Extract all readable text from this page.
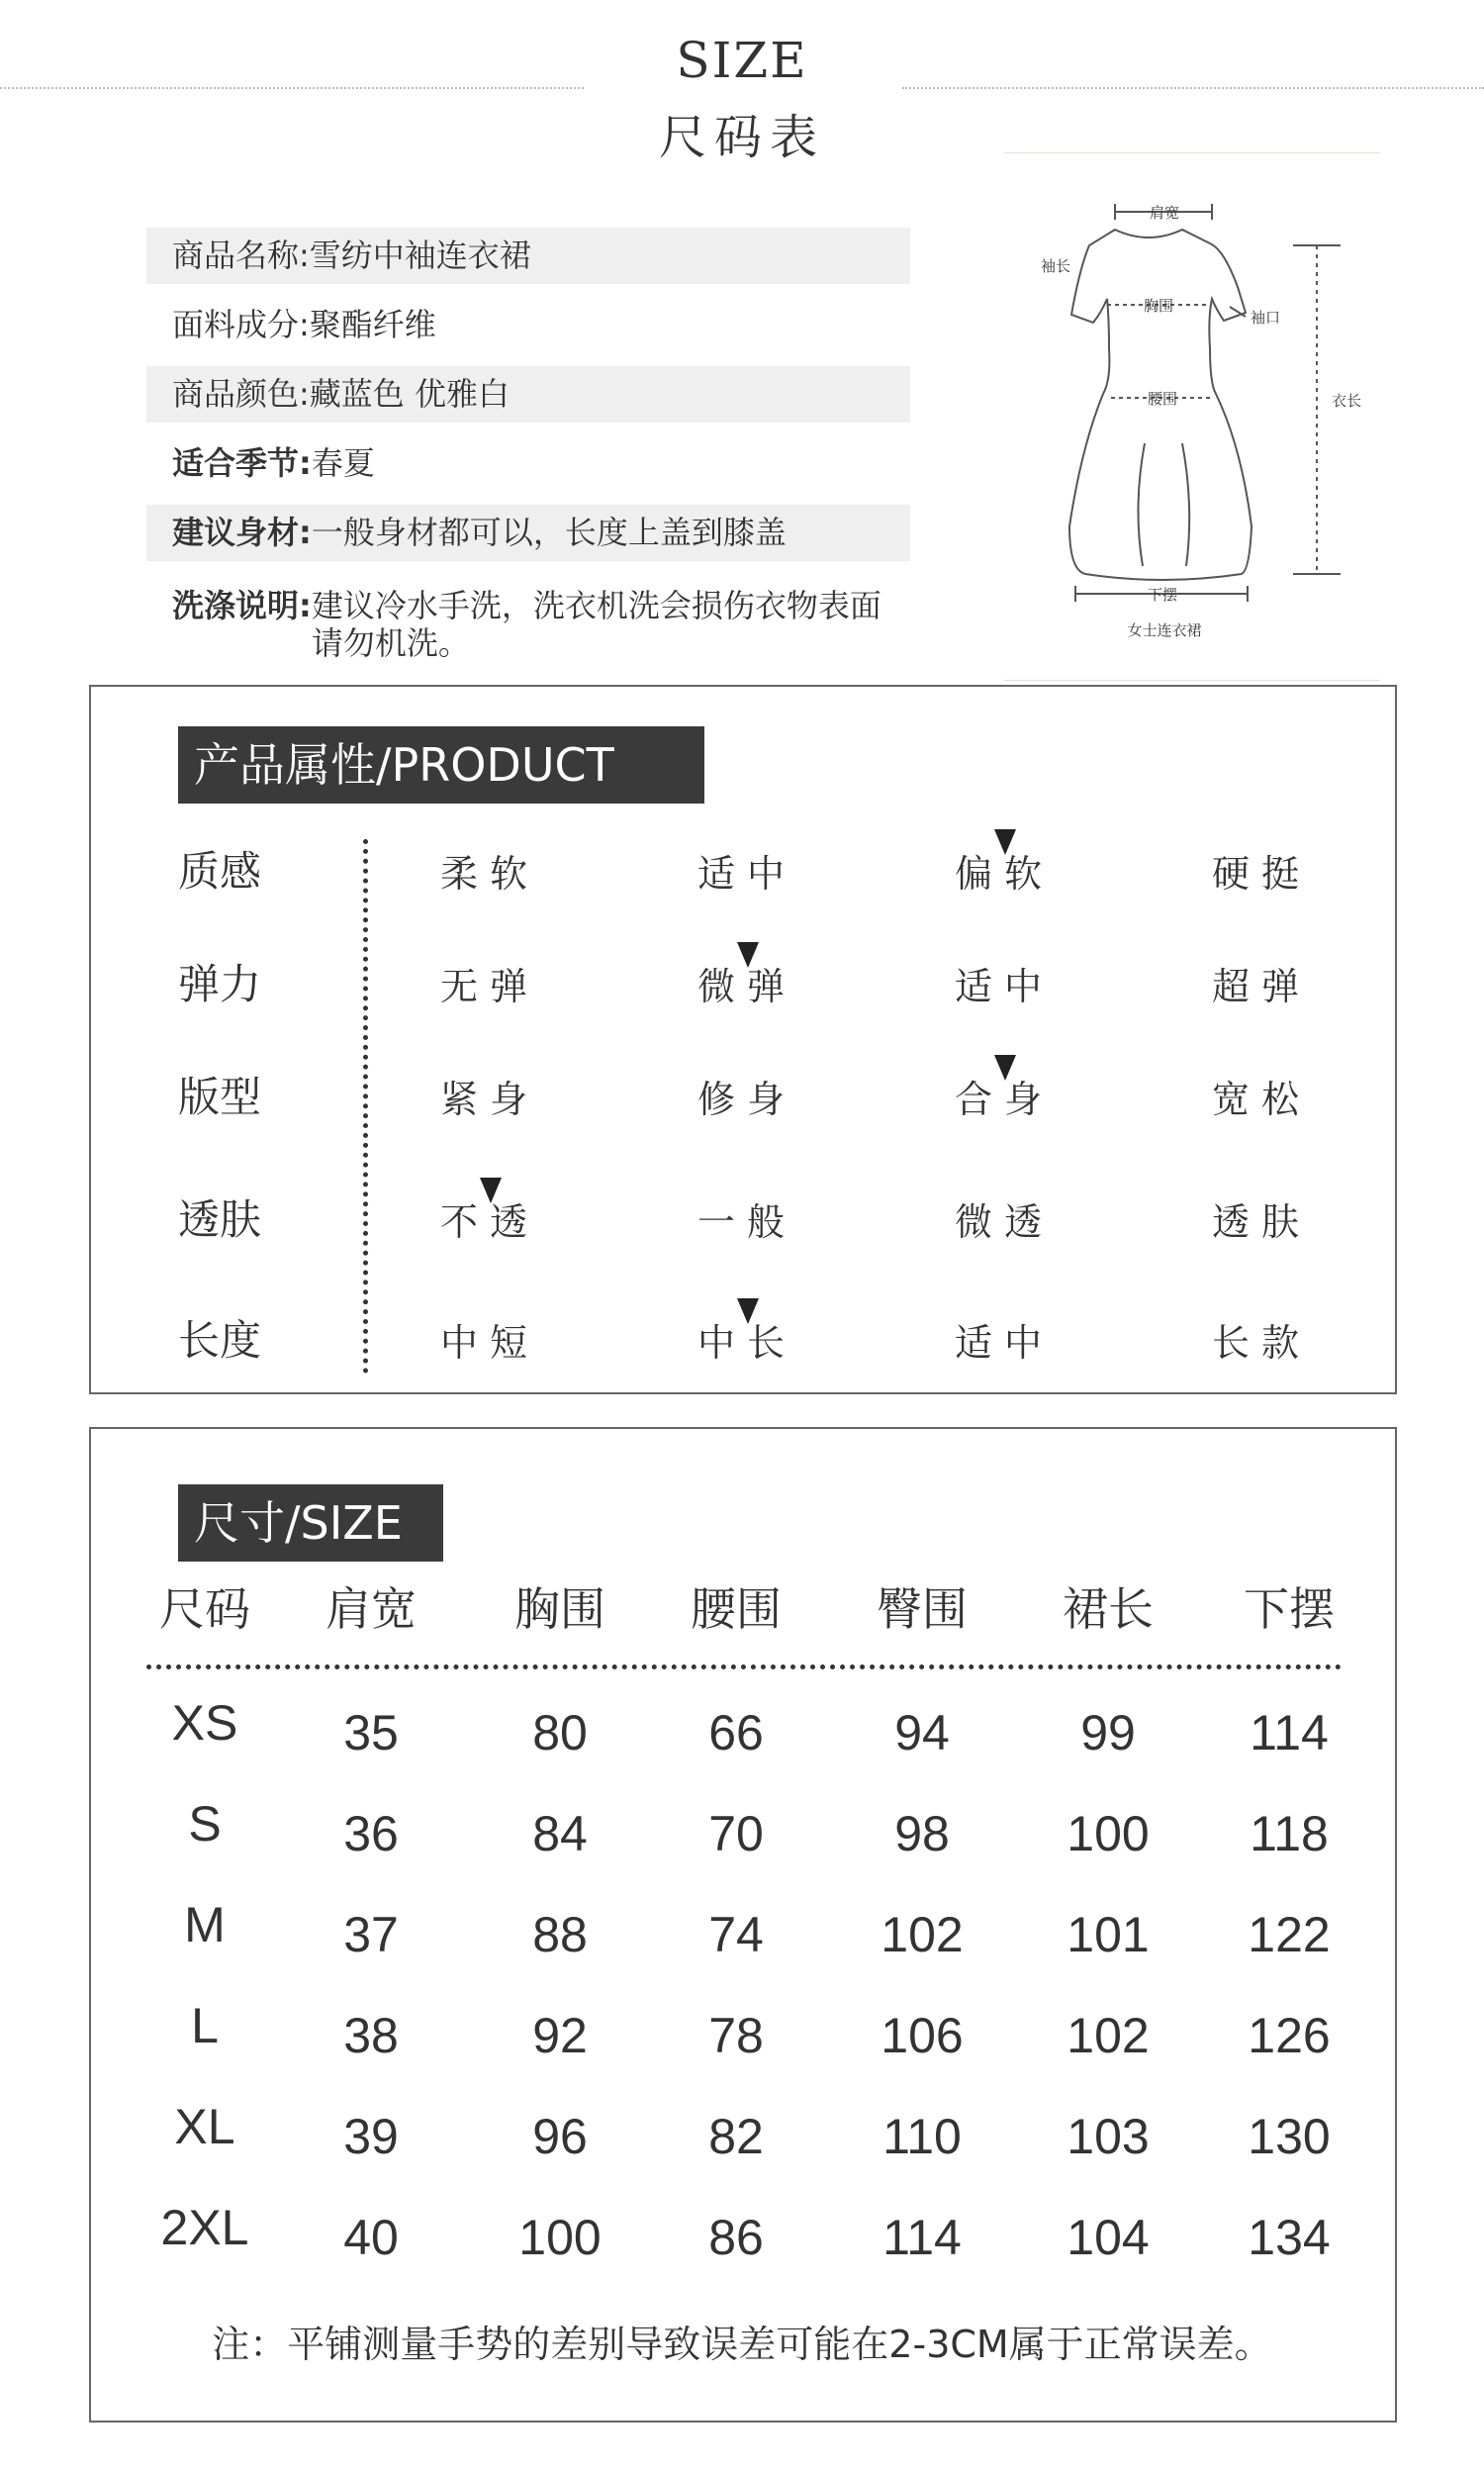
SIZE
尺码表
商品名称:雪纺中袖连衣裙
面料成分:聚酯纤维
商品颜色:藏蓝色 优雅白
适合季节:春夏
建议身材:一般身材都可以，长度上盖到膝盖
洗涤说明:建议冷水手洗，洗衣机洗会损伤衣物表面
请勿机洗。
肩宽
袖长
胸围
袖口
腰围	衣长
下摆
女士连衣裙
产品属性/PRODUCT
质感	柔软	适中	偏软	硬挺
弹力	无弹	微弹	适中	超弹
版型	紧身	修身	合身	宽松
透肤	不透	一般	微透	透肤
长度	中短	中长	适中	长款
尺寸/SIZE
尺码	肩宽	胸围	腰围	臀围	裙长	下摆
XS	35	80	66	94	99	114
S	36	84	70	98	100	118
M	37	88	74	102	101	122
L	38	92	78	106	102	126
XL	39	96	82	110	103	130
2XL	40	100	86	114	104	134
注：平铺测量手势的差别导致误差可能在2-3CM属于正常误差。
